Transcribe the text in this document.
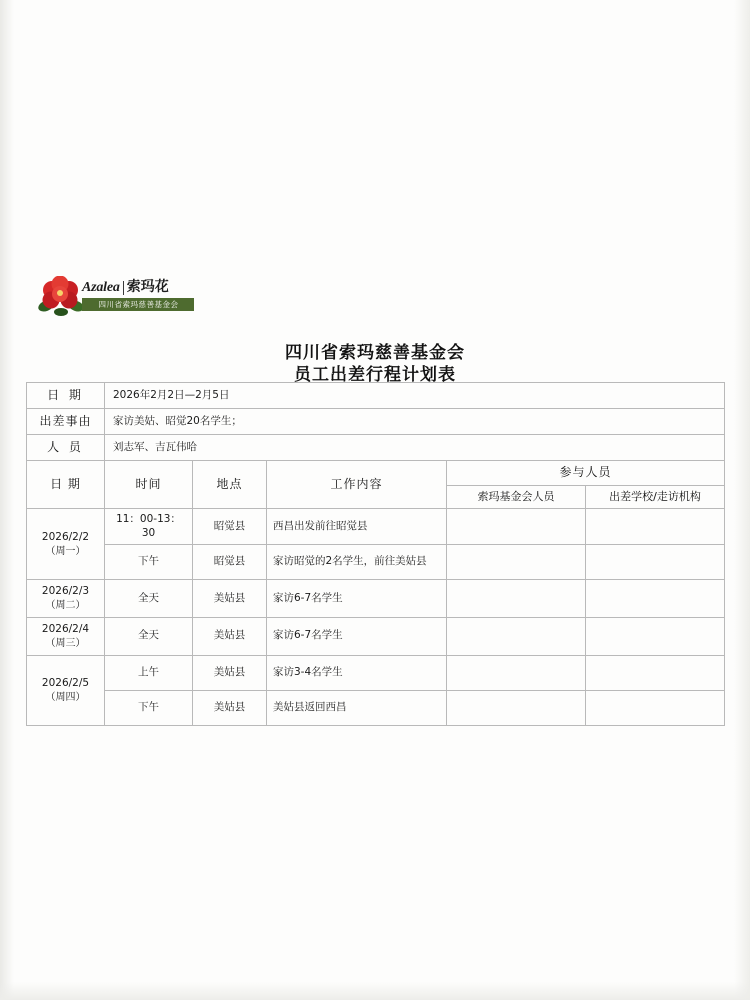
Azalea 索玛花
四川省索玛慈善基金会
四川省索玛慈善基金会
员工出差行程计划表
日 期	2026年2月2日—2月5日				

出差事由	家访美姑、昭觉20名学生；				

人 员	刘志军、吉瓦伟哈				

日 期	时间	地点	工作内容	参与人员	

				索玛基金会人员	出差学校/走访机构

2026/2/2
（周一）	11：00-13：30	昭觉县	西昌出发前往昭觉县		

	下午	昭觉县	家访昭觉的2名学生，前往美姑县		

2026/2/3
（周二）	全天	美姑县	家访6-7名学生		

2026/2/4
（周三）	全天	美姑县	家访6-7名学生		

2026/2/5
（周四）	上午	美姑县	家访3-4名学生		

	下午	美姑县	美姑县返回西昌		
